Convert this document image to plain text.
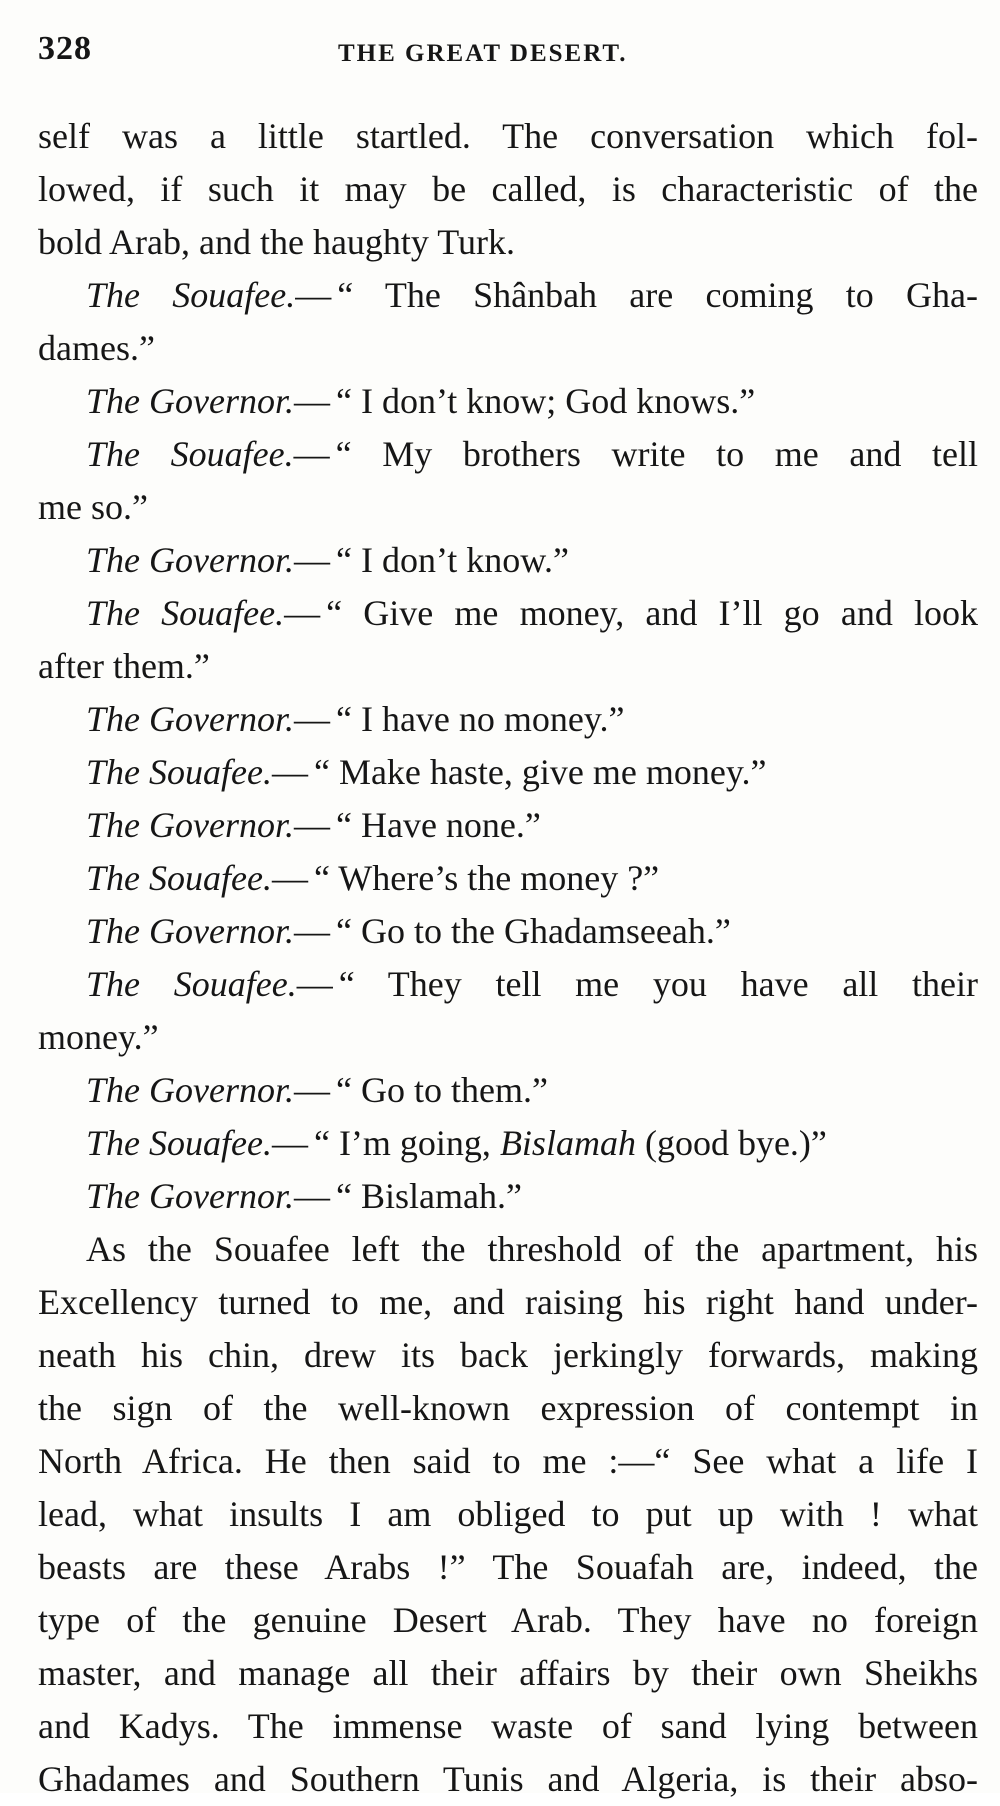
328	THE GREAT DESERT.
self was a little startled. The conversation which fol-
lowed, if such it may be called, is characteristic of the
bold Arab, and the haughty Turk.
The Souafee.— “ The Shânbah are coming to Gha-
dames.”
The Governor.— “ I don’t know; God knows.”
The Souafee.— “ My brothers write to me and tell
me so.”
The Governor.— “ I don’t know.”
The Souafee.— “ Give me money, and I’ll go and look
after them.”
The Governor.— “ I have no money.”
The Souafee.— “ Make haste, give me money.”
The Governor.— “ Have none.”
The Souafee.— “ Where’s the money ?”
The Governor.— “ Go to the Ghadamseeah.”
The Souafee.— “ They tell me you have all their
money.”
The Governor.— “ Go to them.”
The Souafee.— “ I’m going, Bislamah (good bye.)”
The Governor.— “ Bislamah.”
As the Souafee left the threshold of the apartment, his
Excellency turned to me, and raising his right hand under-
neath his chin, drew its back jerkingly forwards, making
the sign of the well-known expression of contempt in
North Africa. He then said to me :—“ See what a life I
lead, what insults I am obliged to put up with ! what
beasts are these Arabs !” The Souafah are, indeed, the
type of the genuine Desert Arab. They have no foreign
master, and manage all their affairs by their own Sheikhs
and Kadys. The immense waste of sand lying between
Ghadames and Southern Tunis and Algeria, is their abso-
